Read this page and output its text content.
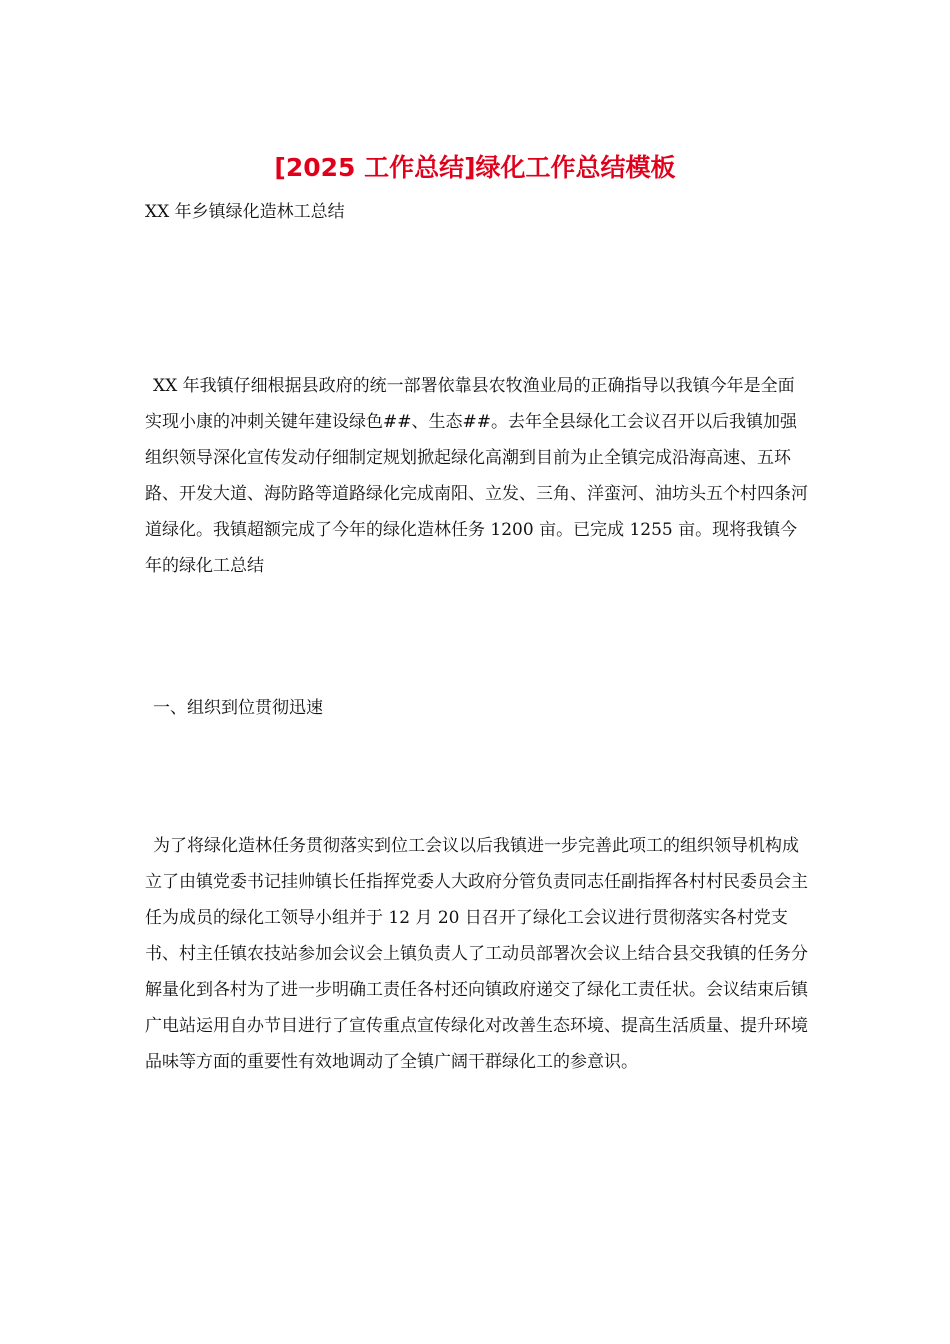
[2025 工作总结]绿化工作总结模板

XX 年乡镇绿化造林工总结

XX 年我镇仔细根据县政府的统一部署依靠县农牧渔业局的正确指导以我镇今年是全面实现小康的冲刺关键年建设绿色##、生态##。去年全县绿化工会议召开以后我镇加强组织领导深化宣传发动仔细制定规划掀起绿化高潮到目前为止全镇完成沿海高速、五环路、开发大道、海防路等道路绿化完成南阳、立发、三角、洋蛮河、油坊头五个村四条河道绿化。我镇超额完成了今年的绿化造林任务 1200 亩。已完成 1255 亩。现将我镇今年的绿化工总结

一、组织到位贯彻迅速

为了将绿化造林任务贯彻落实到位工会议以后我镇进一步完善此项工的组织领导机构成立了由镇党委书记挂帅镇长任指挥党委人大政府分管负责同志任副指挥各村村民委员会主任为成员的绿化工领导小组并于 12 月 20 日召开了绿化工会议进行贯彻落实各村党支书、村主任镇农技站参加会议会上镇负责人了工动员部署次会议上结合县交我镇的任务分解量化到各村为了进一步明确工责任各村还向镇政府递交了绿化工责任状。会议结束后镇广电站运用自办节目进行了宣传重点宣传绿化对改善生态环境、提高生活质量、提升环境品味等方面的重要性有效地调动了全镇广阔干群绿化工的参意识。
